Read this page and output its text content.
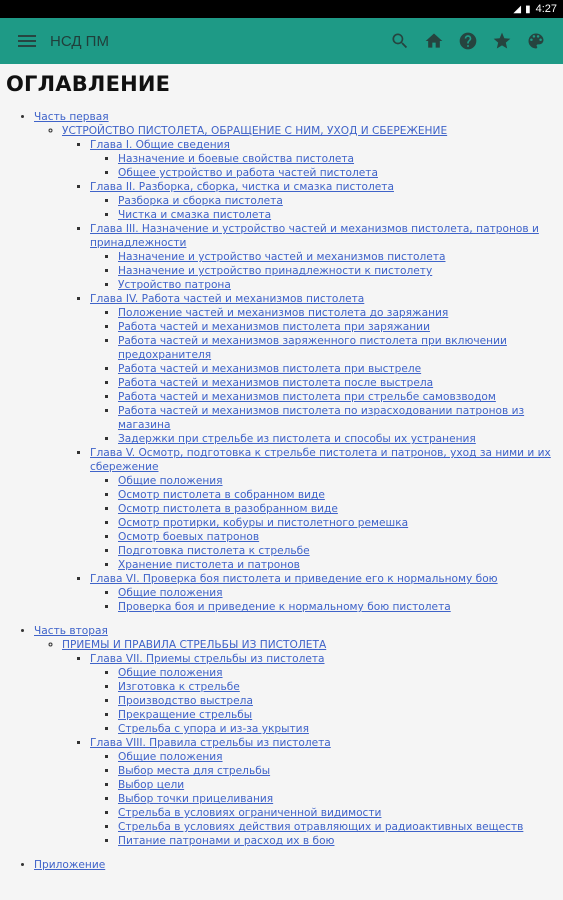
◢ ▮ 4:27
НСД ПМ
ОГЛАВЛЕНИЕ
• Часть первая
◦ УСТРОЙСТВО ПИСТОЛЕТА, ОБРАЩЕНИЕ С НИМ, УХОД И СБЕРЕЖЕНИЕ
▪ Глава I. Общие сведения
▪ Назначение и боевые свойства пистолета
▪ Общее устройство и работа частей пистолета
▪ Глава II. Разборка, сборка, чистка и смазка пистолета
▪ Разборка и сборка пистолета
▪ Чистка и смазка пистолета
▪ Глава III. Назначение и устройство частей и механизмов пистолета, патронов и принадлежности
▪ Назначение и устройство частей и механизмов пистолета
▪ Назначение и устройство принадлежности к пистолету
▪ Устройство патрона
▪ Глава IV. Работа частей и механизмов пистолета
▪ Положение частей и механизмов пистолета до заряжания
▪ Работа частей и механизмов пистолета при заряжании
▪ Работа частей и механизмов заряженного пистолета при включении предохранителя
▪ Работа частей и механизмов пистолета при выстреле
▪ Работа частей и механизмов пистолета после выстрела
▪ Работа частей и механизмов пистолета при стрельбе самовзводом
▪ Работа частей и механизмов пистолета по израсходовании патронов из магазина
▪ Задержки при стрельбе из пистолета и способы их устранения
▪ Глава V. Осмотр, подготовка к стрельбе пистолета и патронов, уход за ними и их сбережение
▪ Общие положения
▪ Осмотр пистолета в собранном виде
▪ Осмотр пистолета в разобранном виде
▪ Осмотр протирки, кобуры и пистолетного ремешка
▪ Осмотр боевых патронов
▪ Подготовка пистолета к стрельбе
▪ Хранение пистолета и патронов
▪ Глава VI. Проверка боя пистолета и приведение его к нормальному бою
▪ Общие положения
▪ Проверка боя и приведение к нормальному бою пистолета
• Часть вторая
◦ ПРИЕМЫ И ПРАВИЛА СТРЕЛЬБЫ ИЗ ПИСТОЛЕТА
▪ Глава VII. Приемы стрельбы из пистолета
▪ Общие положения
▪ Изготовка к стрельбе
▪ Производство выстрела
▪ Прекращение стрельбы
▪ Стрельба с упора и из-за укрытия
▪ Глава VIII. Правила стрельбы из пистолета
▪ Общие положения
▪ Выбор места для стрельбы
▪ Выбор цели
▪ Выбор точки прицеливания
▪ Стрельба в условиях ограниченной видимости
▪ Стрельба в условиях действия отравляющих и радиоактивных веществ
▪ Питание патронами и расход их в бою
• Приложение
